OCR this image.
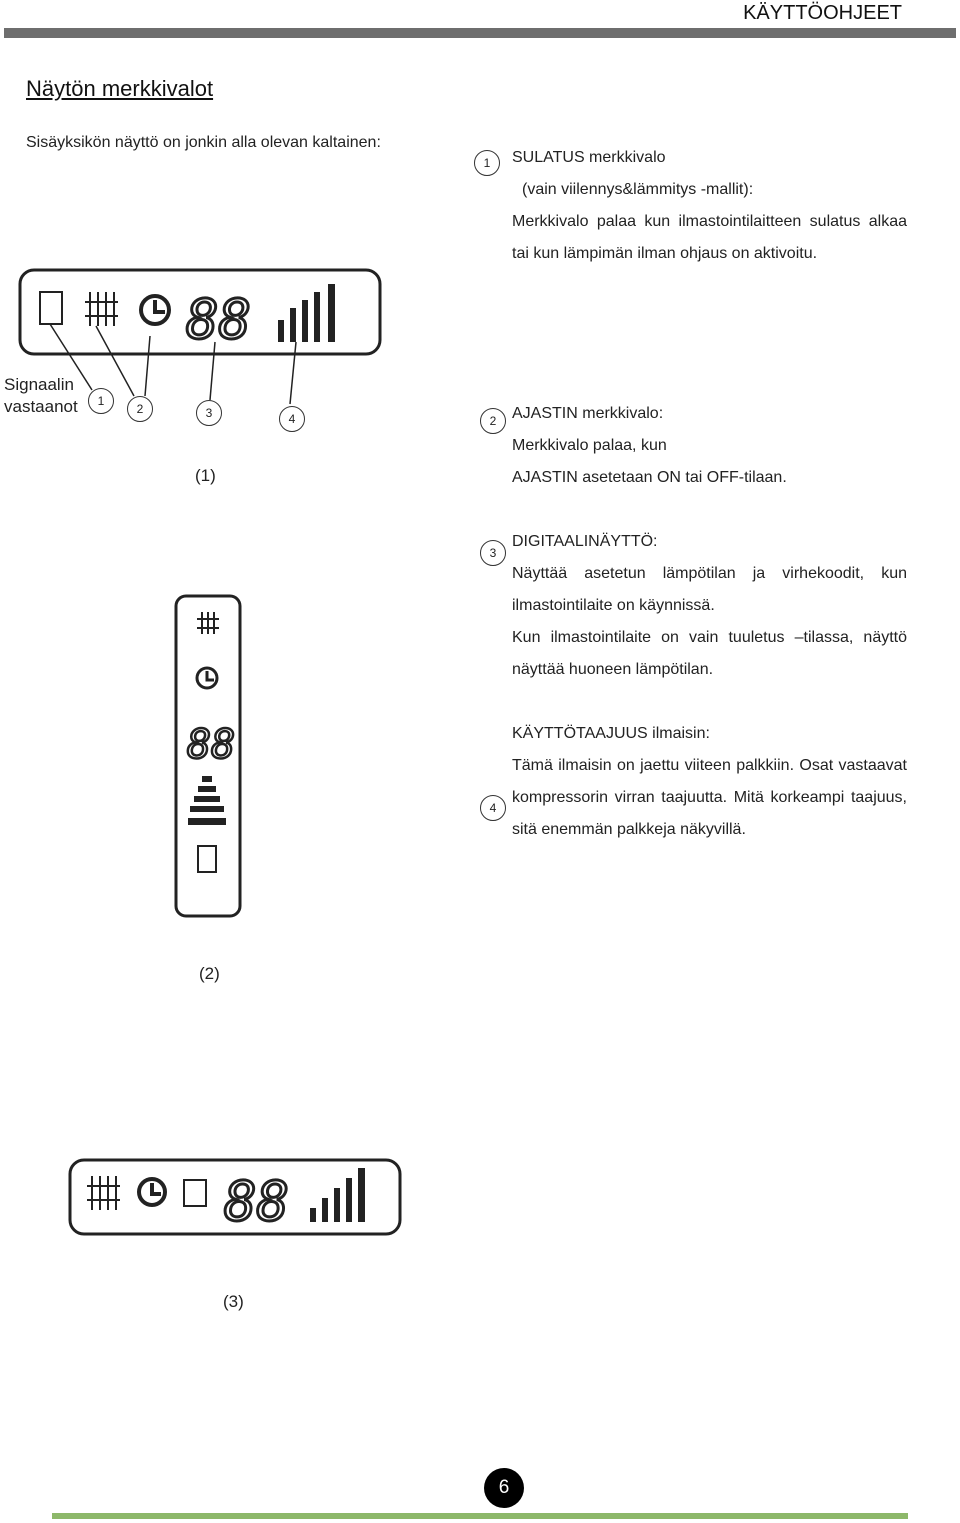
KÄYTTÖOHJEET
Näytön merkkivalot
Sisäyksikön näyttö on jonkin alla olevan kaltainen:
88
Signaalin vastaanot	1
2	3	4
(1)
88
(2)
88
(3)
1	SULATUS merkkivalo

(vain viilennys&lämmitys -mallit):

Merkkivalo palaa kun ilmastointilaitteen sulatus alkaa tai kun lämpimän ilman ohjaus on aktivoitu.

2 AJASTIN merkkivalo:

Merkkivalo palaa, kun

AJASTIN asetetaan ON tai OFF-tilaan.

3

DIGITAALINÄYTTÖ:

Näyttää asetetun lämpötilan ja virhekoodit, kun ilmastointilaite on käynnissä.

Kun ilmastointilaite on vain tuuletus –tilassa, näyttö näyttää huoneen lämpötilan.

4

KÄYTTÖTAAJUUS ilmaisin:

Tämä ilmaisin on jaettu viiteen palkkiin. Osat vastaavat kompressorin virran taajuutta. Mitä korkeampi taajuus, sitä enemmän palkkeja näkyvillä.

6
